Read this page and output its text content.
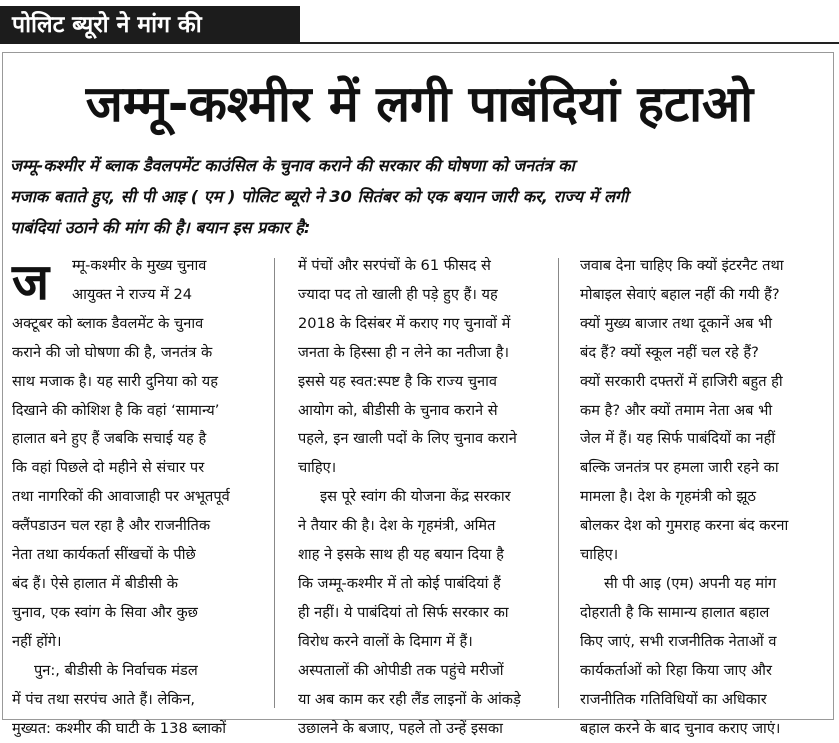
पोलिट ब्यूरो ने मांग की
जम्मू-कश्मीर में लगी पाबंदियां हटाओ
जम्मू-कश्मीर में ब्लाक डैवलपमेंट काउंसिल के चुनाव कराने की सरकार की घोषणा को जनतंत्र का
मजाक बताते हुए, सी पी आइ ( एम ) पोलिट ब्यूरो ने 30 सितंबर को एक बयान जारी कर, राज्य में लगी
पाबंदियां उठाने की मांग की है। बयान इस प्रकार है:
ज	म्मू-कश्मीर के मुख्य चुनाव
आयुक्त ने राज्य में 24
अक्टूबर को ब्लाक डैवलमेंट के चुनाव
कराने की जो घोषणा की है, जनतंत्र के
साथ मजाक है। यह सारी दुनिया को यह
दिखाने की कोशिश है कि वहां ‘सामान्य’
हालात बने हुए हैं जबकि सचाई यह है
कि वहां पिछले दो महीने से संचार पर
तथा नागरिकों की आवाजाही पर अभूतपूर्व
क्लैंपडाउन चल रहा है और राजनीतिक
नेता तथा कार्यकर्ता सींखचों के पीछे
बंद हैं। ऐसे हालात में बीडीसी के
चुनाव, एक स्वांग के सिवा और कुछ
नहीं होंगे।
पुन:, बीडीसी के निर्वाचक मंडल
में पंच तथा सरपंच आते हैं। लेकिन,
मुख्यत: कश्मीर की घाटी के 138 ब्लाकों
में पंचों और सरपंचों के 61 फीसद से
ज्यादा पद तो खाली ही पड़े हुए हैं। यह
2018 के दिसंबर में कराए गए चुनावों में
जनता के हिस्सा ही न लेने का नतीजा है।
इससे यह स्वत:स्पष्ट है कि राज्य चुनाव
आयोग को, बीडीसी के चुनाव कराने से
पहले, इन खाली पदों के लिए चुनाव कराने
चाहिए।
इस पूरे स्वांग की योजना केंद्र सरकार
ने तैयार की है। देश के गृहमंत्री, अमित
शाह ने इसके साथ ही यह बयान दिया है
कि जम्मू-कश्मीर में तो कोई पाबंदियां हैं
ही नहीं। ये पाबंदियां तो सिर्फ सरकार का
विरोध करने वालों के दिमाग में हैं।
अस्पतालों की ओपीडी तक पहुंचे मरीजों
या अब काम कर रही लैंड लाइनों के आंकड़े
उछालने के बजाए, पहले तो उन्हें इसका
जवाब देना चाहिए कि क्यों इंटरनैट तथा
मोबाइल सेवाएं बहाल नहीं की गयी हैं?
क्यों मुख्य बाजार तथा दूकानें अब भी
बंद हैं? क्यों स्कूल नहीं चल रहे हैं?
क्यों सरकारी दफ्तरों में हाजिरी बहुत ही
कम है? और क्यों तमाम नेता अब भी
जेल में हैं। यह सिर्फ पाबंदियों का नहीं
बल्कि जनतंत्र पर हमला जारी रहने का
मामला है। देश के गृहमंत्री को झूठ
बोलकर देश को गुमराह करना बंद करना
चाहिए।
सी पी आइ (एम) अपनी यह मांग
दोहराती है कि सामान्य हालात बहाल
किए जाएं, सभी राजनीतिक नेताओं व
कार्यकर्ताओं को रिहा किया जाए और
राजनीतिक गतिविधियों का अधिकार
बहाल करने के बाद चुनाव कराए जाएं।
